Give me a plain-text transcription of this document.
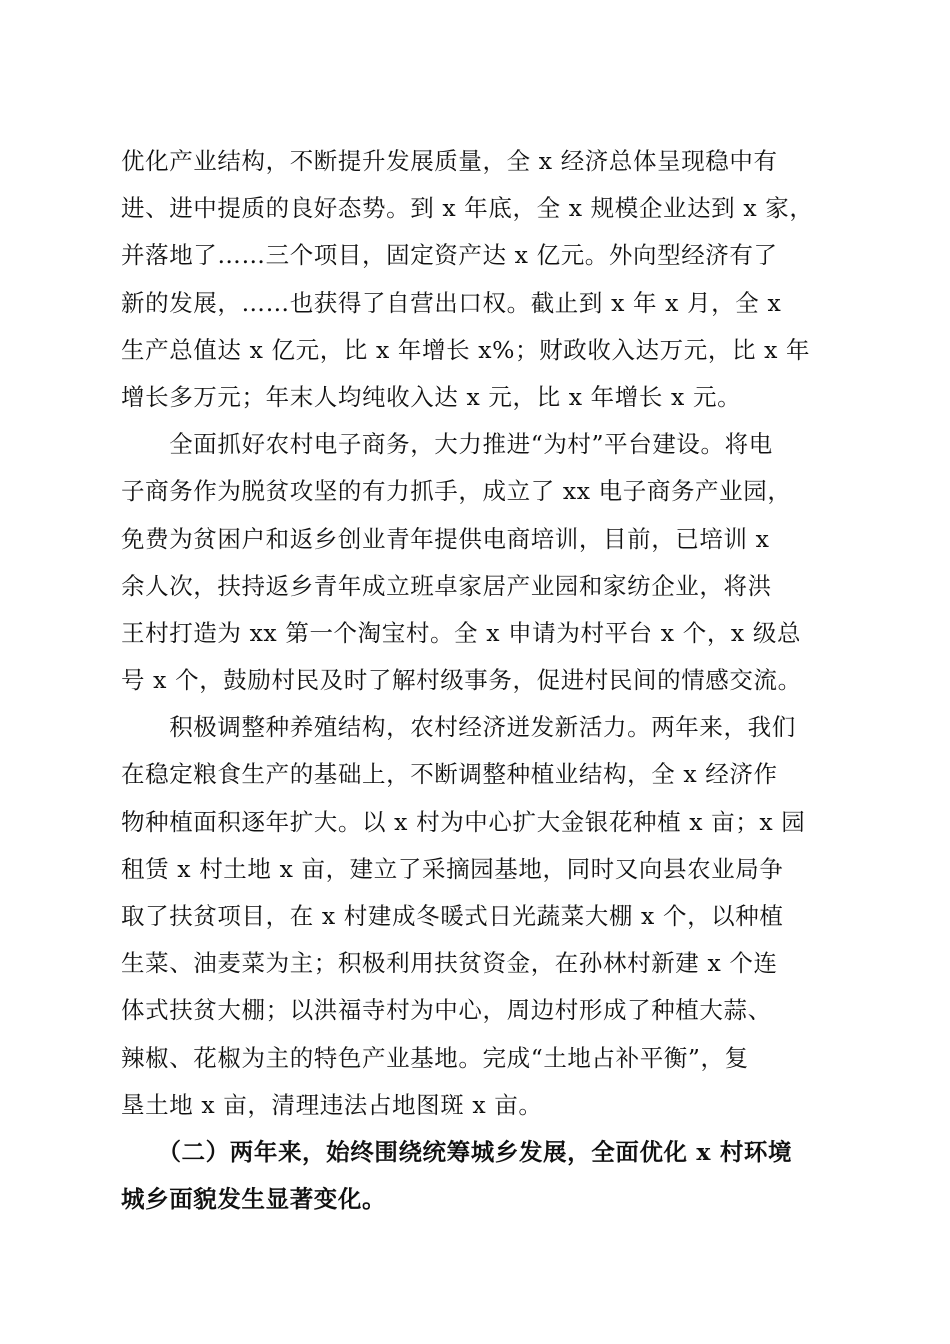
优化产业结构，不断提升发展质量，全 x 经济总体呈现稳中有
进、进中提质的良好态势。到 x 年底，全 x 规模企业达到 x 家，
并落地了……三个项目，固定资产达 x 亿元。外向型经济有了
新的发展，……也获得了自营出口权。截止到 x 年 x 月，全 x
生产总值达 x 亿元，比 x 年增长 x%；财政收入达万元，比 x 年
增长多万元；年末人均纯收入达 x 元，比 x 年增长 x 元。
　　全面抓好农村电子商务，大力推进“为村”平台建设。将电
子商务作为脱贫攻坚的有力抓手，成立了 xx 电子商务产业园，
免费为贫困户和返乡创业青年提供电商培训，目前，已培训 x
余人次，扶持返乡青年成立班卓家居产业园和家纺企业，将洪
王村打造为 xx 第一个淘宝村。全 x 申请为村平台 x 个，x 级总
号 x 个，鼓励村民及时了解村级事务，促进村民间的情感交流。
　　积极调整种养殖结构，农村经济迸发新活力。两年来，我们
在稳定粮食生产的基础上，不断调整种植业结构，全 x 经济作
物种植面积逐年扩大。以 x 村为中心扩大金银花种植 x 亩；x 园
租赁 x 村土地 x 亩，建立了采摘园基地，同时又向县农业局争
取了扶贫项目，在 x 村建成冬暖式日光蔬菜大棚 x 个，以种植
生菜、油麦菜为主；积极利用扶贫资金，在孙林村新建 x 个连
体式扶贫大棚；以洪福寺村为中心，周边村形成了种植大蒜、
辣椒、花椒为主的特色产业基地。完成“土地占补平衡”，复
垦土地 x 亩，清理违法占地图斑 x 亩。
　　（二）两年来，始终围绕统筹城乡发展，全面优化 x 村环境
城乡面貌发生显著变化。
